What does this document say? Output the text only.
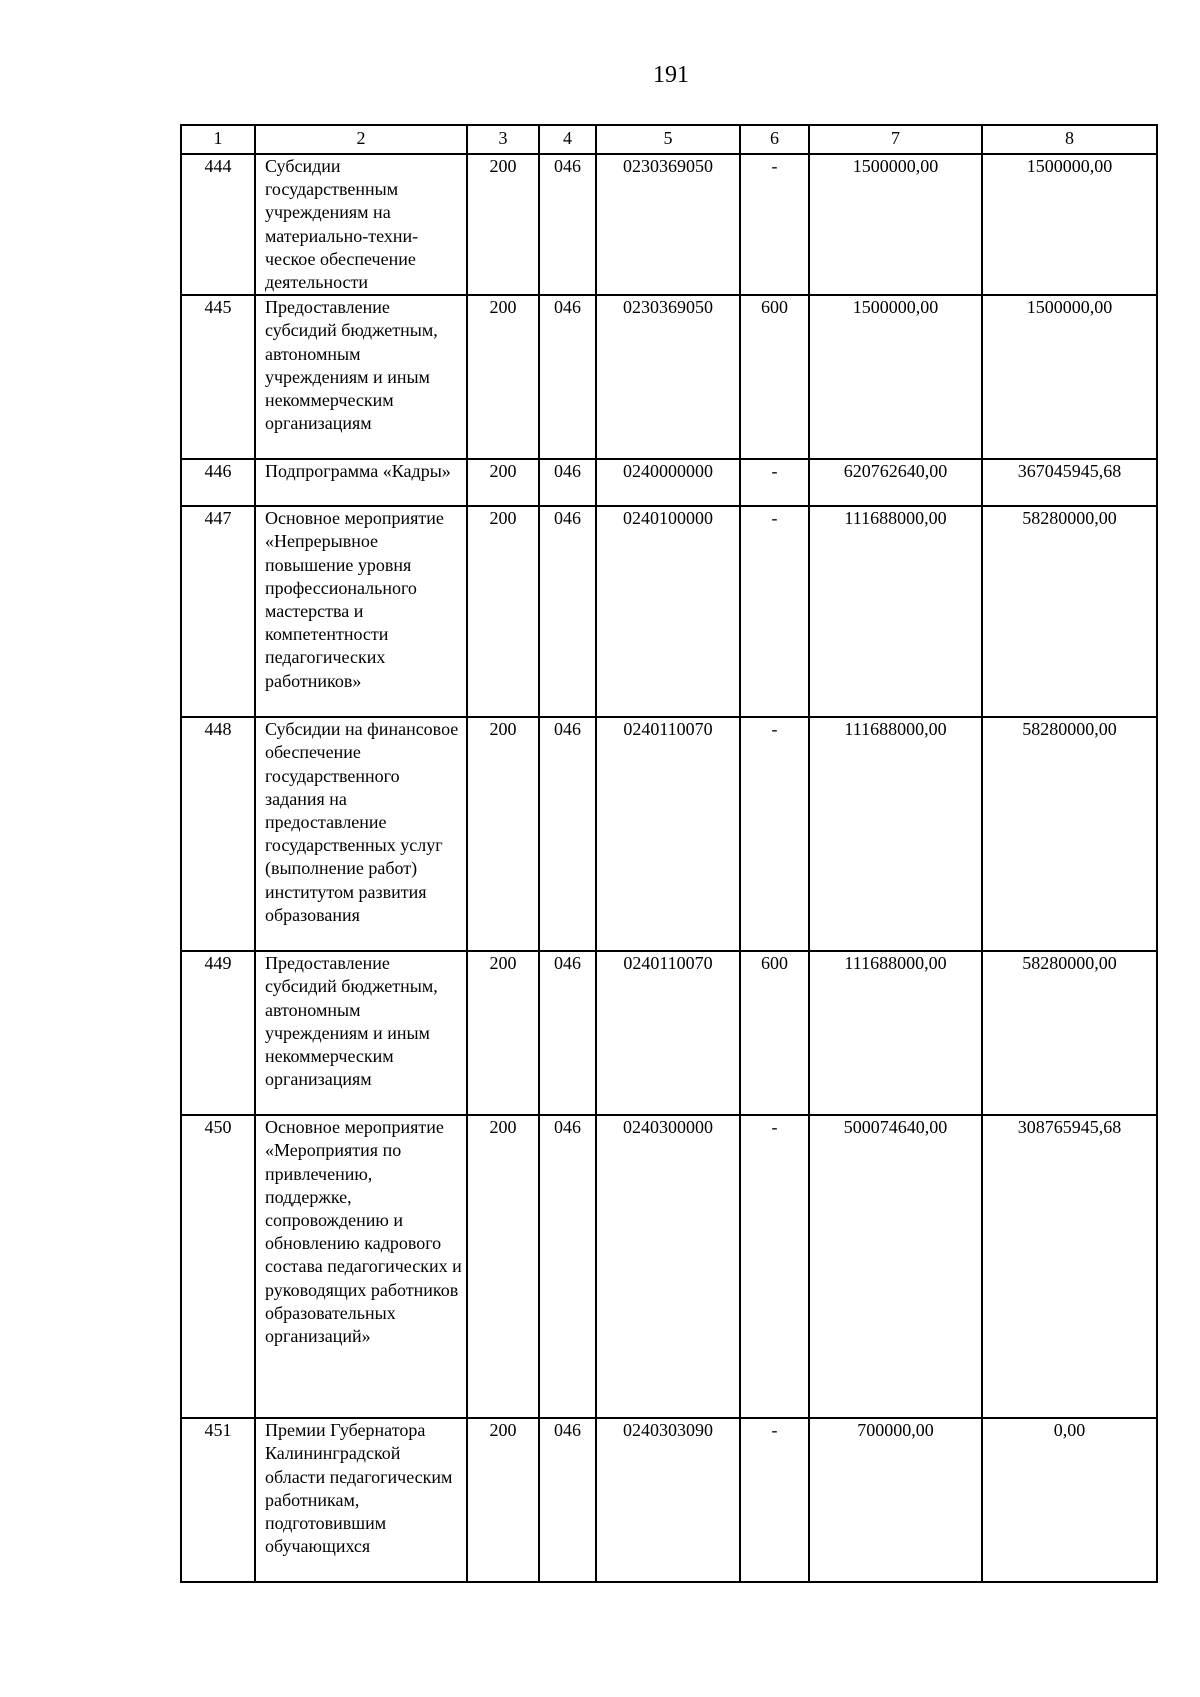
191
1	2	3	4	5	6	7	8
444	Субсидии государственным учреждениям на материально-техни-ческое обеспечение деятельности	200	046	0230369050	-	1500000,00	1500000,00
445	Предоставление субсидий бюджетным, автономным учреждениям и иным некоммерческим организациям	200	046	0230369050	600	1500000,00	1500000,00
446	Подпрограмма «Кадры»	200	046	0240000000	-	620762640,00	367045945,68
447	Основное мероприятие «Непрерывное повышение уровня профессионального мастерства и компетентности педагогических работников»	200	046	0240100000	-	111688000,00	58280000,00
448	Субсидии на финансовое обеспечение государственного задания на предоставление государственных услуг (выполнение работ) институтом развития образования	200	046	0240110070	-	111688000,00	58280000,00
449	Предоставление субсидий бюджетным, автономным учреждениям и иным некоммерческим организациям	200	046	0240110070	600	111688000,00	58280000,00
450	Основное мероприятие «Мероприятия по привлечению, поддержке, сопровождению и обновлению кадрового состава педагогических и руководящих работников образовательных организаций»	200	046	0240300000	-	500074640,00	308765945,68
451	Премии Губернатора Калининградской области педагогическим работникам, подготовившим обучающихся	200	046	0240303090	-	700000,00	0,00
